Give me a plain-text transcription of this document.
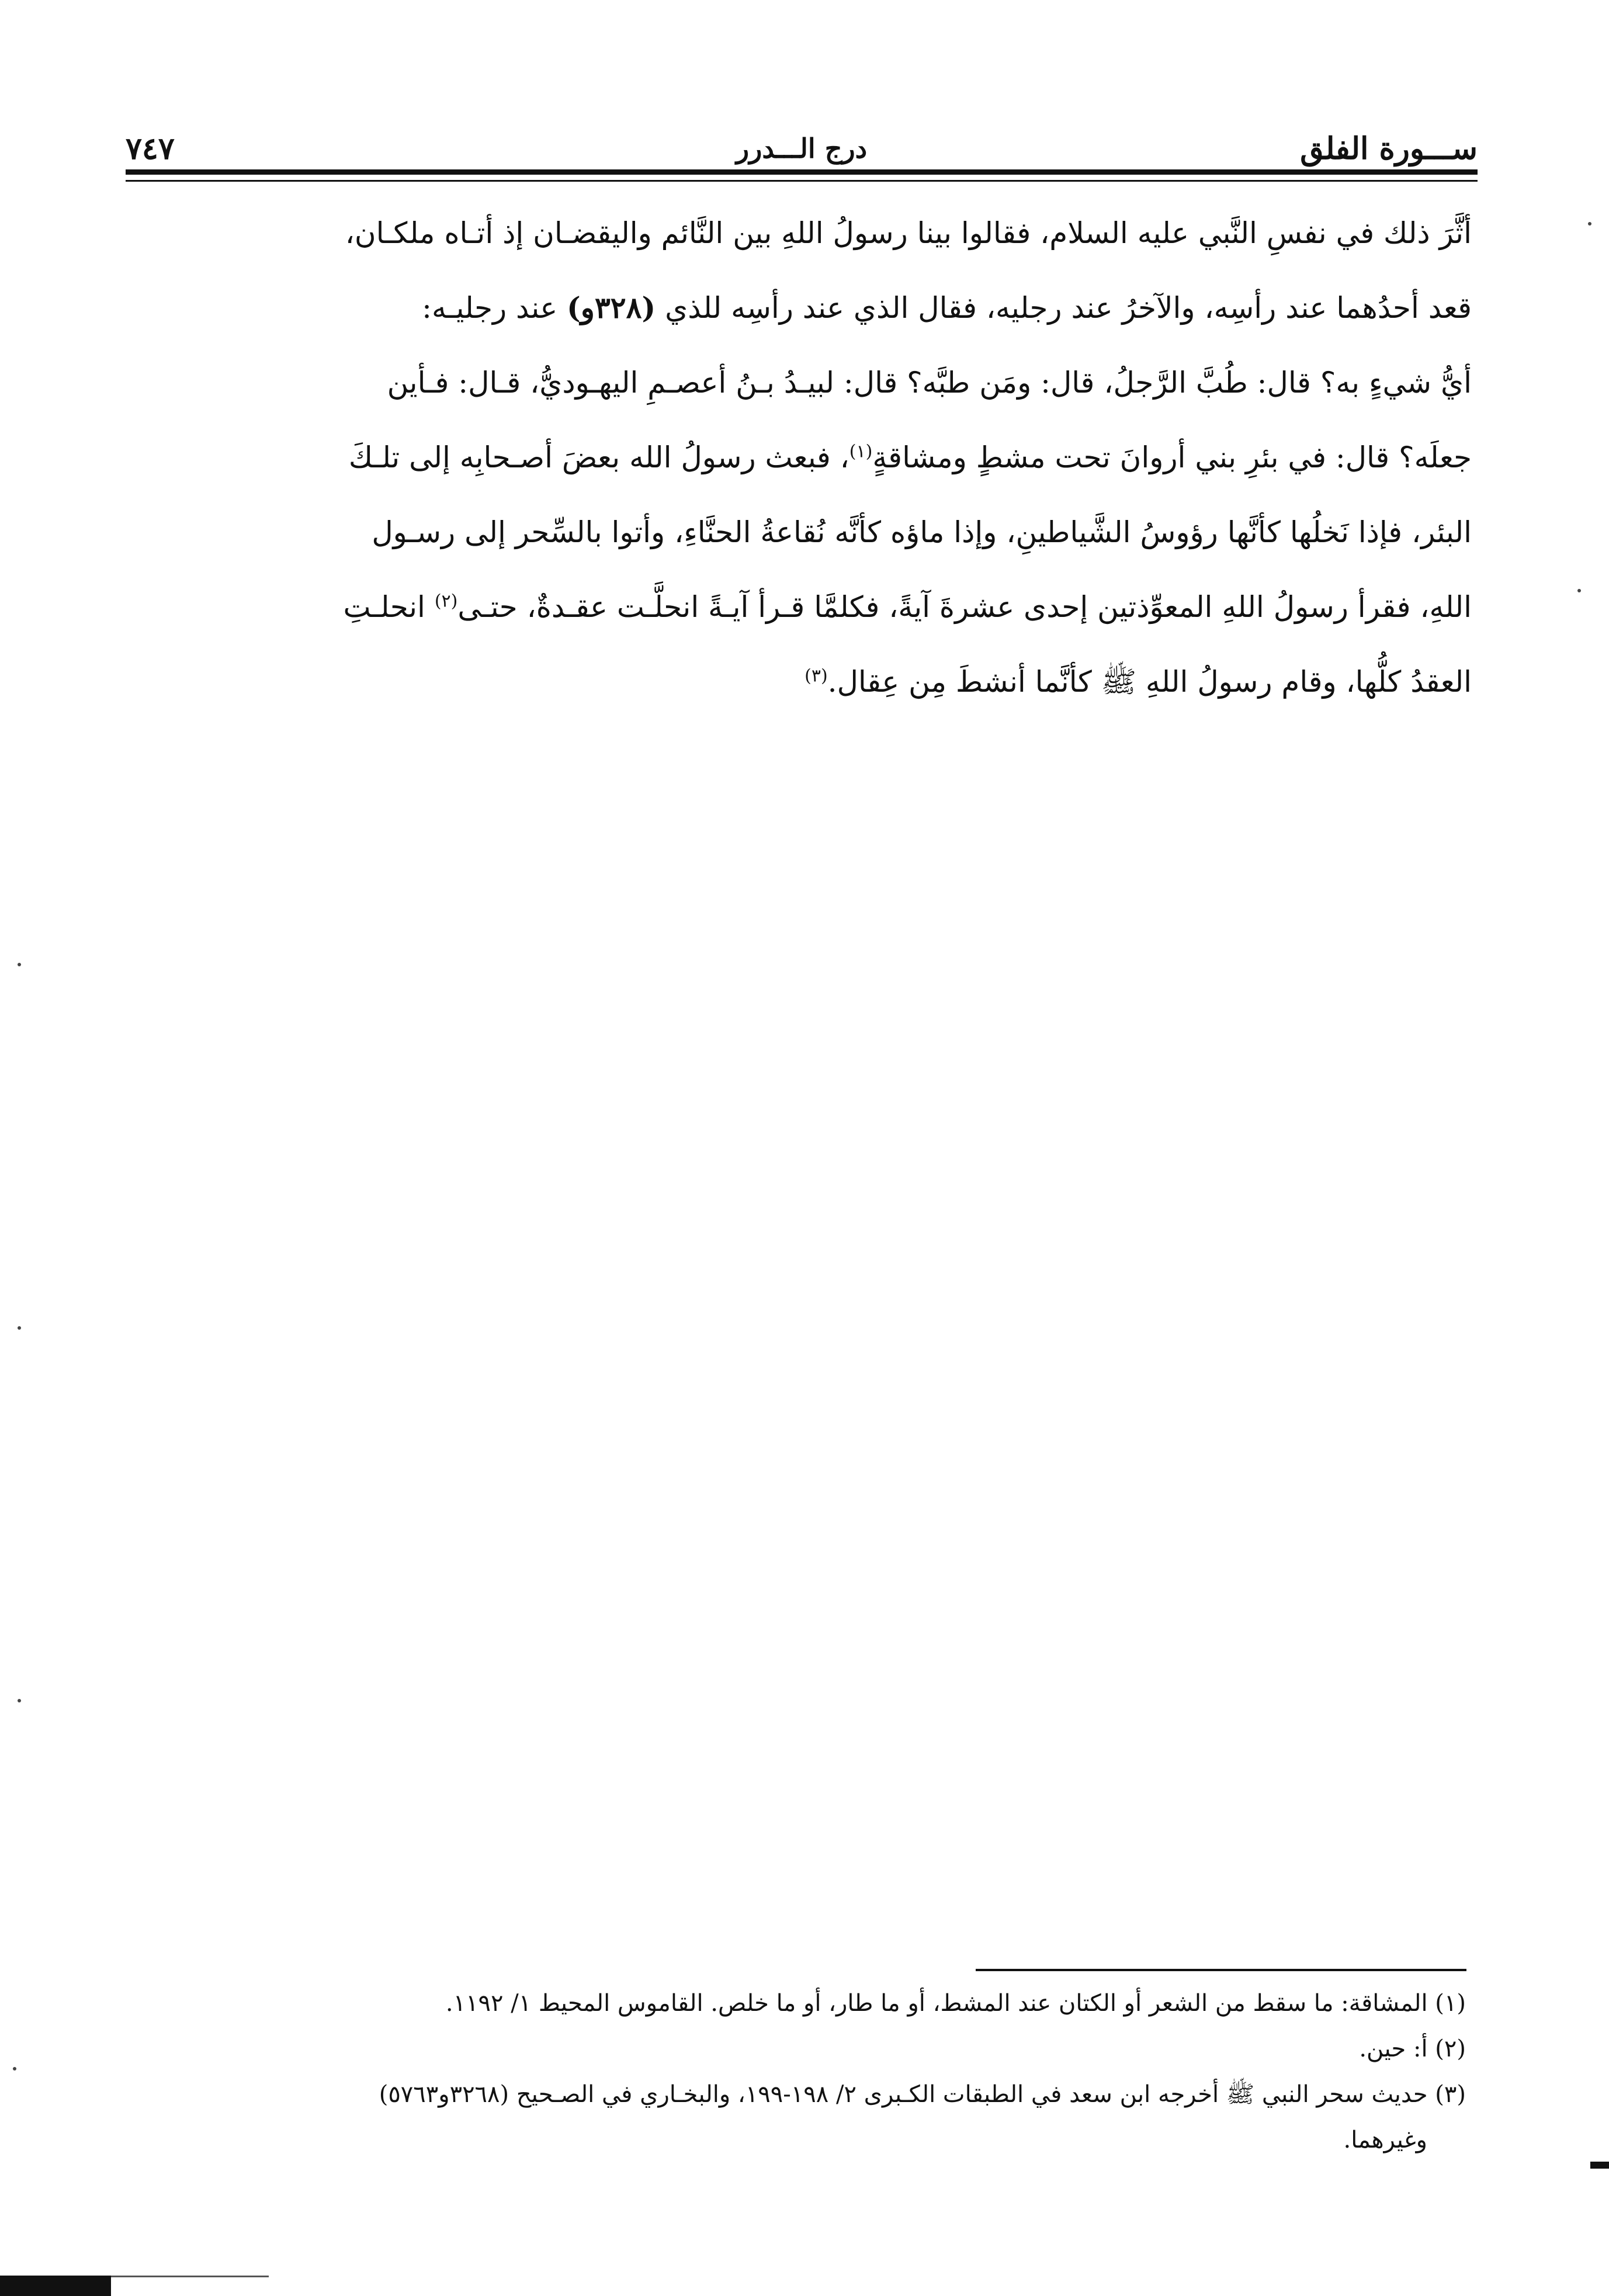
ســـورة الفلق
درج الـــدرر
٧٤٧
أثَّرَ ذلك في نفسِ النَّبي عليه السلام، فقالوا بينا رسولُ اللهِ بين النَّائم واليقضـان إذ أتـاه ملكـان،
قعد أحدُهما عند رأسِه، والآخرُ عند رجليه، فقال الذي عند رأسِه للذي (٣٢٨و) عند رجليـه:
أيُّ شيءٍ به؟ قال: طُبَّ الرَّجلُ، قال: ومَن طبَّه؟ قال: لبيـدُ بـنُ أعصـمِ اليهـوديُّ، قـال: فـأين
جعلَه؟ قال: في بئرِ بني أروانَ تحت مشطٍ ومشاقةٍ$^{(١)}$، فبعث رسولُ الله بعضَ أصـحابِه إلى تلـكَ
البئر، فإذا نَخلُها كأنَّها رؤوسُ الشَّياطينِ، وإذا ماؤه كأنَّه نُقاعةُ الحنَّاءِ، وأتوا بالسِّحر إلى رسـول
اللهِ، فقرأ رسولُ اللهِ المعوِّذتين إحدى عشرةَ آيةً، فكلمَّا قـرأ آيـةً انحلَّـت عقـدةٌ، حتـى$^{(٢)}$ انحلـتِ
العقدُ كلُّها، وقام رسولُ اللهِ ﷺ كأنَّما أنشطَ مِن عِقال.$^{(٣)}$
(١) المشاقة: ما سقط من الشعر أو الكتان عند المشط، أو ما طار، أو ما خلص. القاموس المحيط ١/ ١١٩٢.
(٢) أ: حين.
(٣) حديث سحر النبي ﷺ أخرجه ابن سعد في الطبقات الكـبرى ٢/ ١٩٨-١٩٩، والبخـاري في الصـحيح (٣٢٦٨و٥٧٦٣)
وغيرهما.
